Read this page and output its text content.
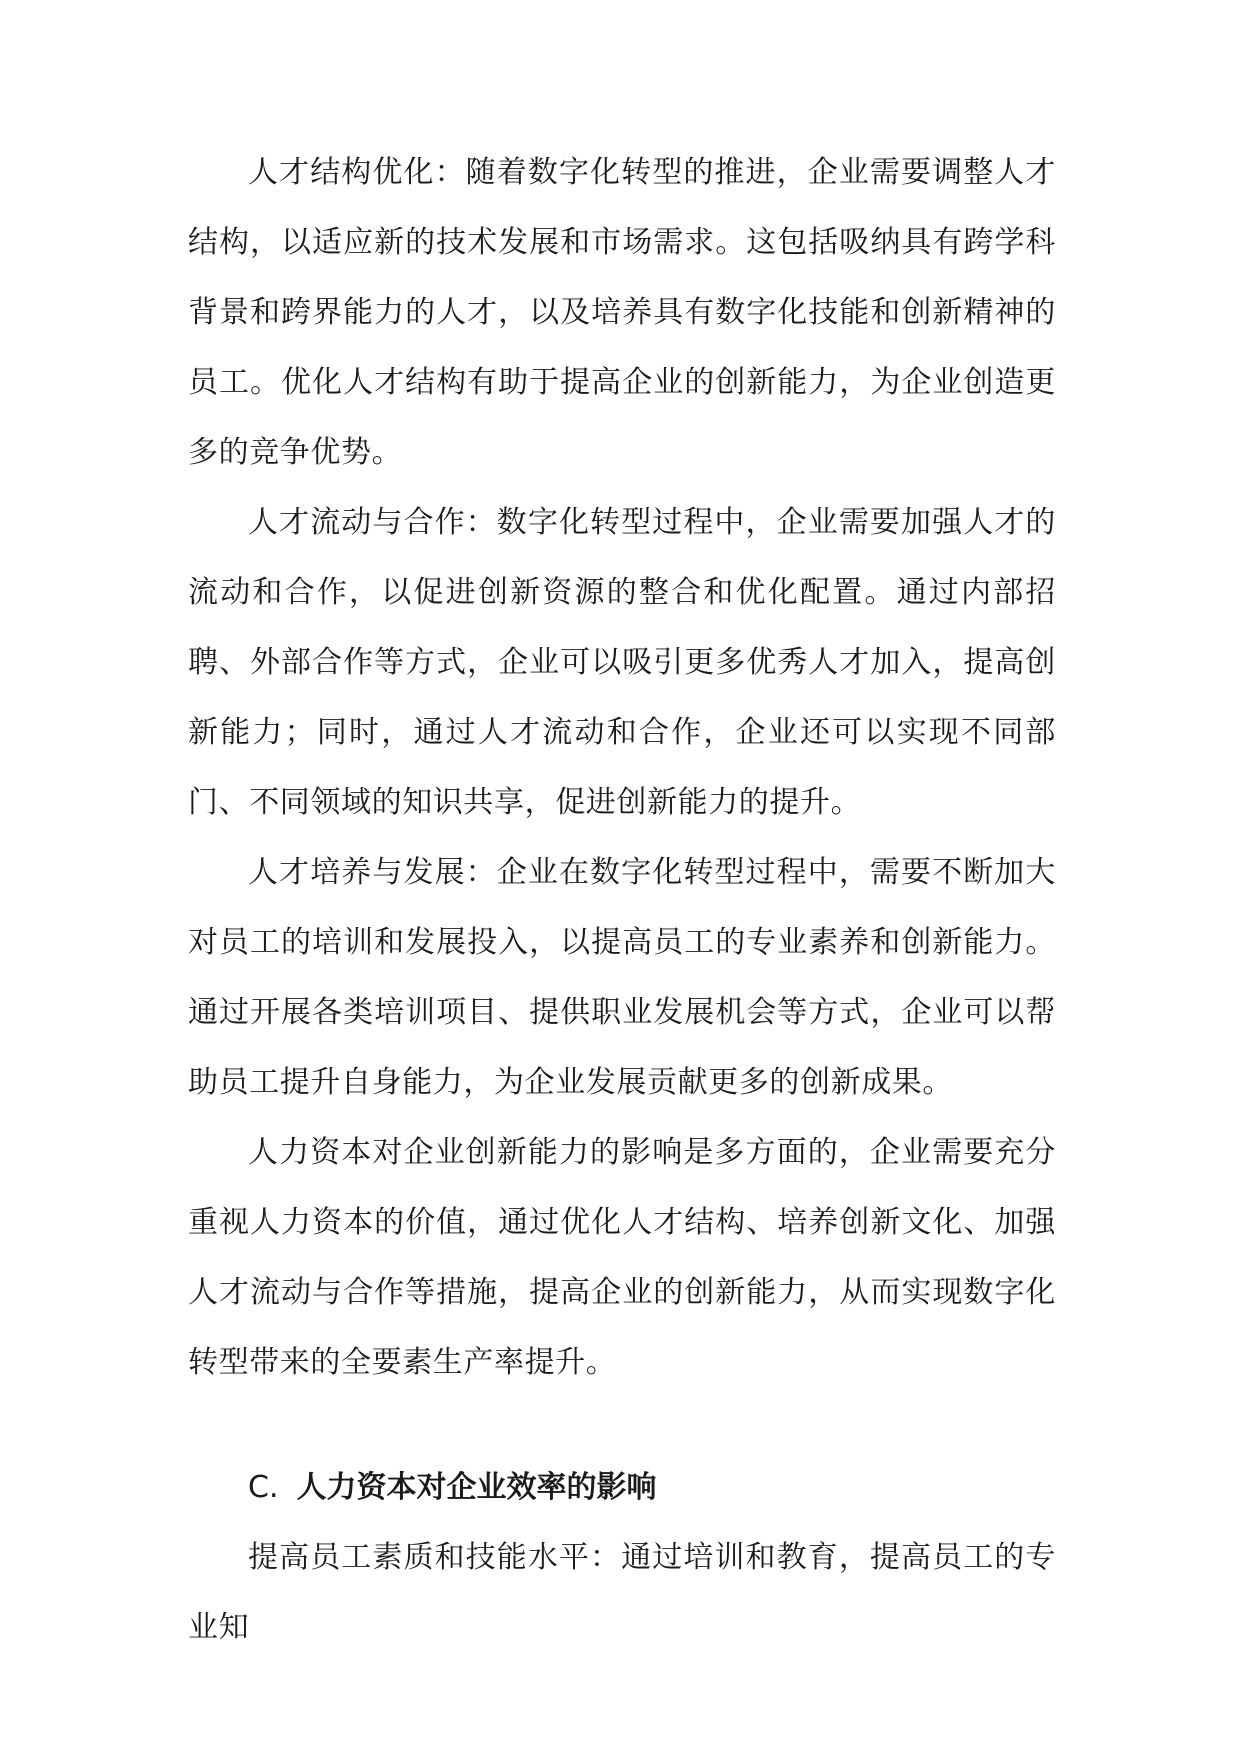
人才结构优化：随着数字化转型的推进，企业需要调整人才结构，以适应新的技术发展和市场需求。这包括吸纳具有跨学科背景和跨界能力的人才，以及培养具有数字化技能和创新精神的员工。优化人才结构有助于提高企业的创新能力，为企业创造更多的竞争优势。

人才流动与合作：数字化转型过程中，企业需要加强人才的流动和合作，以促进创新资源的整合和优化配置。通过内部招聘、外部合作等方式，企业可以吸引更多优秀人才加入，提高创新能力；同时，通过人才流动和合作，企业还可以实现不同部门、不同领域的知识共享，促进创新能力的提升。

人才培养与发展：企业在数字化转型过程中，需要不断加大对员工的培训和发展投入，以提高员工的专业素养和创新能力。通过开展各类培训项目、提供职业发展机会等方式，企业可以帮助员工提升自身能力，为企业发展贡献更多的创新成果。

人力资本对企业创新能力的影响是多方面的，企业需要充分重视人力资本的价值，通过优化人才结构、培养创新文化、加强人才流动与合作等措施，提高企业的创新能力，从而实现数字化转型带来的全要素生产率提升。

C. 人力资本对企业效率的影响

提高员工素质和技能水平：通过培训和教育，提高员工的专业知
